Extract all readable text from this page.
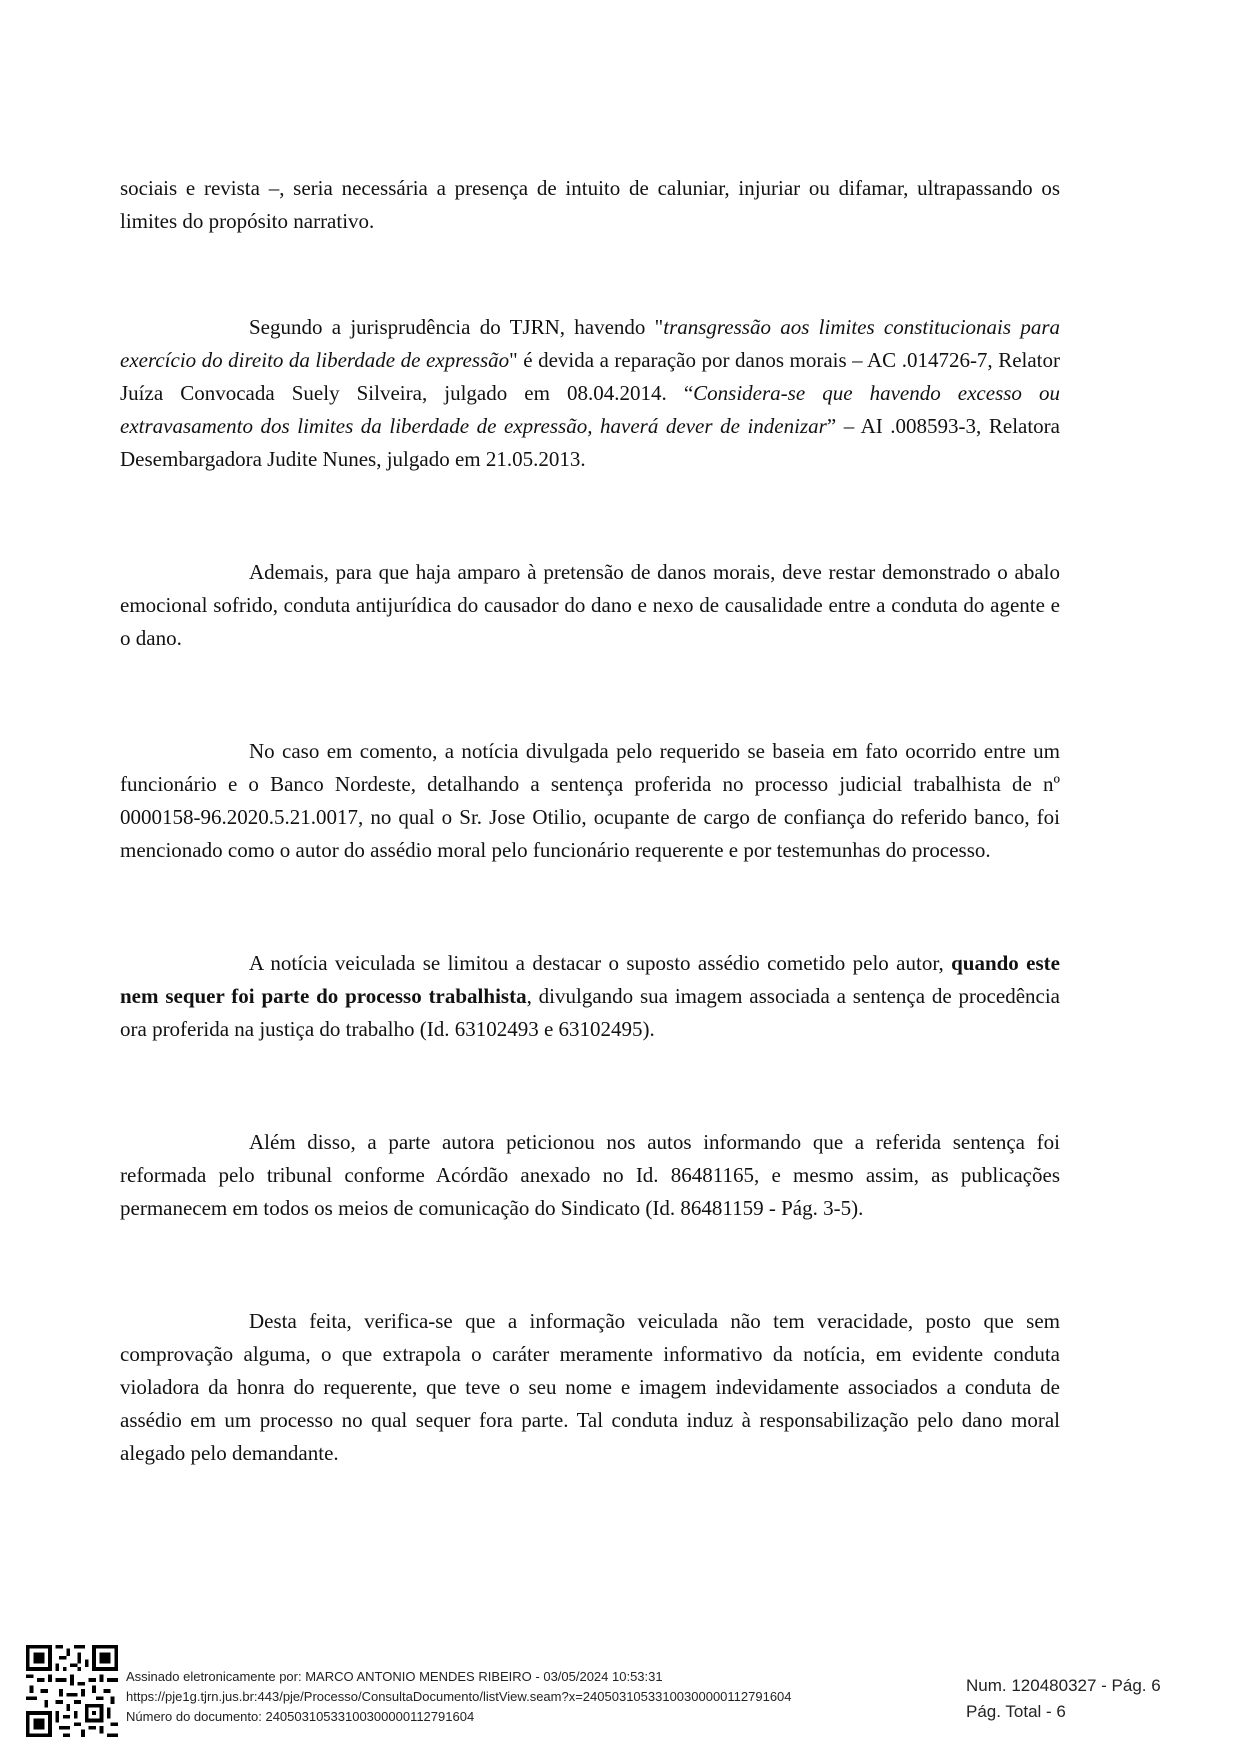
sociais e revista –, seria necessária a presença de intuito de caluniar, injuriar ou difamar, ultrapassando os limites do propósito narrativo.

Segundo a jurisprudência do TJRN, havendo "transgressão aos limites constitucionais para exercício do direito da liberdade de expressão" é devida a reparação por danos morais – AC .014726-7, Relator Juíza Convocada Suely Silveira, julgado em 08.04.2014. “Considera-se que havendo excesso ou extravasamento dos limites da liberdade de expressão, haverá dever de indenizar” – AI .008593-3, Relatora Desembargadora Judite Nunes, julgado em 21.05.2013.

Ademais, para que haja amparo à pretensão de danos morais, deve restar demonstrado o abalo emocional sofrido, conduta antijurídica do causador do dano e nexo de causalidade entre a conduta do agente e o dano.

No caso em comento, a notícia divulgada pelo requerido se baseia em fato ocorrido entre um funcionário e o Banco Nordeste, detalhando a sentença proferida no processo judicial trabalhista de nº 0000158-96.2020.5.21.0017, no qual o Sr. Jose Otilio, ocupante de cargo de confiança do referido banco, foi mencionado como o autor do assédio moral pelo funcionário requerente e por testemunhas do processo.

A notícia veiculada se limitou a destacar o suposto assédio cometido pelo autor, quando este nem sequer foi parte do processo trabalhista, divulgando sua imagem associada a sentença de procedência ora proferida na justiça do trabalho (Id. 63102493 e 63102495).

Além disso, a parte autora peticionou nos autos informando que a referida sentença foi reformada pelo tribunal conforme Acórdão anexado no Id. 86481165, e mesmo assim, as publicações permanecem em todos os meios de comunicação do Sindicato (Id. 86481159 - Pág. 3-5).

Desta feita, verifica-se que a informação veiculada não tem veracidade, posto que sem comprovação alguma, o que extrapola o caráter meramente informativo da notícia, em evidente conduta violadora da honra do requerente, que teve o seu nome e imagem indevidamente associados a conduta de assédio em um processo no qual sequer fora parte. Tal conduta induz à responsabilização pelo dano moral alegado pelo demandante.

Assinado eletronicamente por: MARCO ANTONIO MENDES RIBEIRO - 03/05/2024 10:53:31
https://pje1g.tjrn.jus.br:443/pje/Processo/ConsultaDocumento/listView.seam?x=24050310533100300000112791604
Número do documento: 24050310533100300000112791604
Num. 120480327 - Pág. 6
Pág. Total - 6
